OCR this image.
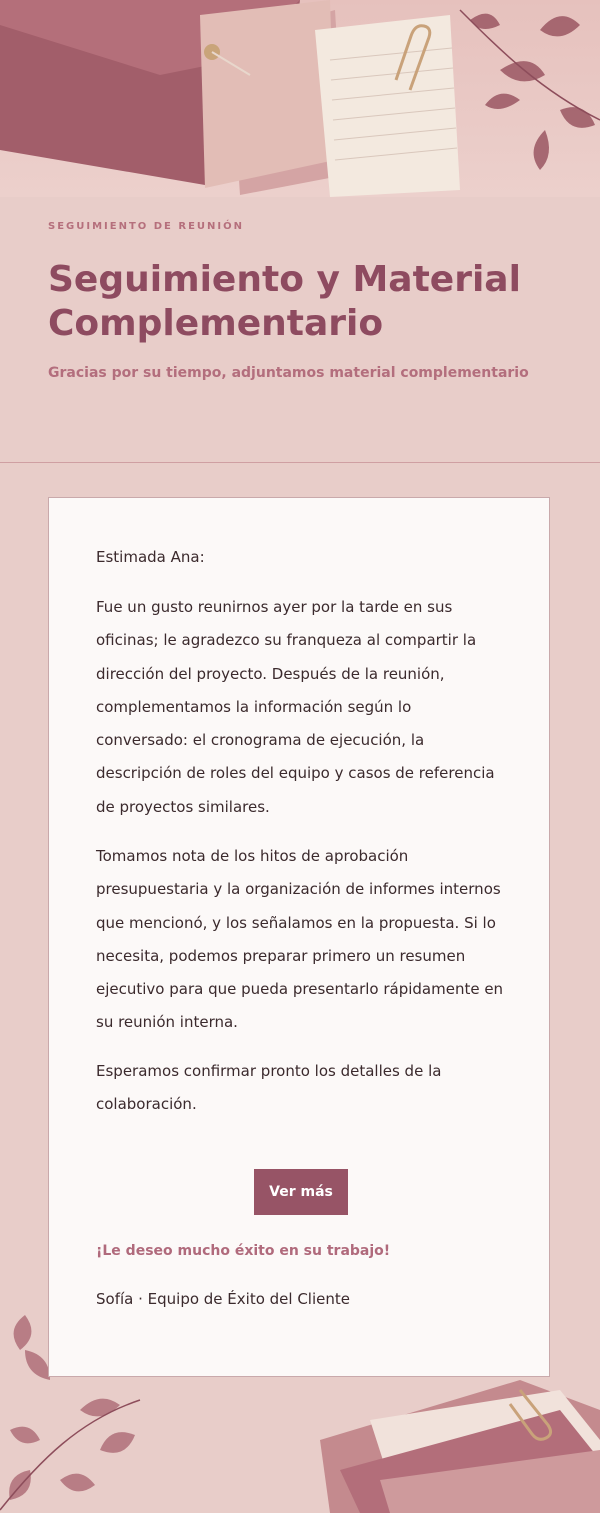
SEGUIMIENTO DE REUNIÓN
Seguimiento y Material Complementario
Gracias por su tiempo, adjuntamos material complementario

Estimada Ana:

Fue un gusto reunirnos ayer por la tarde en sus oficinas; le agradezco su franqueza al compartir la dirección del proyecto. Después de la reunión, complementamos la información según lo conversado: el cronograma de ejecución, la descripción de roles del equipo y casos de referencia de proyectos similares.

Tomamos nota de los hitos de aprobación presupuestaria y la organización de informes internos que mencionó, y los señalamos en la propuesta. Si lo necesita, podemos preparar primero un resumen ejecutivo para que pueda presentarlo rápidamente en su reunión interna.

Esperamos confirmar pronto los detalles de la colaboración.

Ver más
¡Le deseo mucho éxito en su trabajo!
Sofía · Equipo de Éxito del Cliente
